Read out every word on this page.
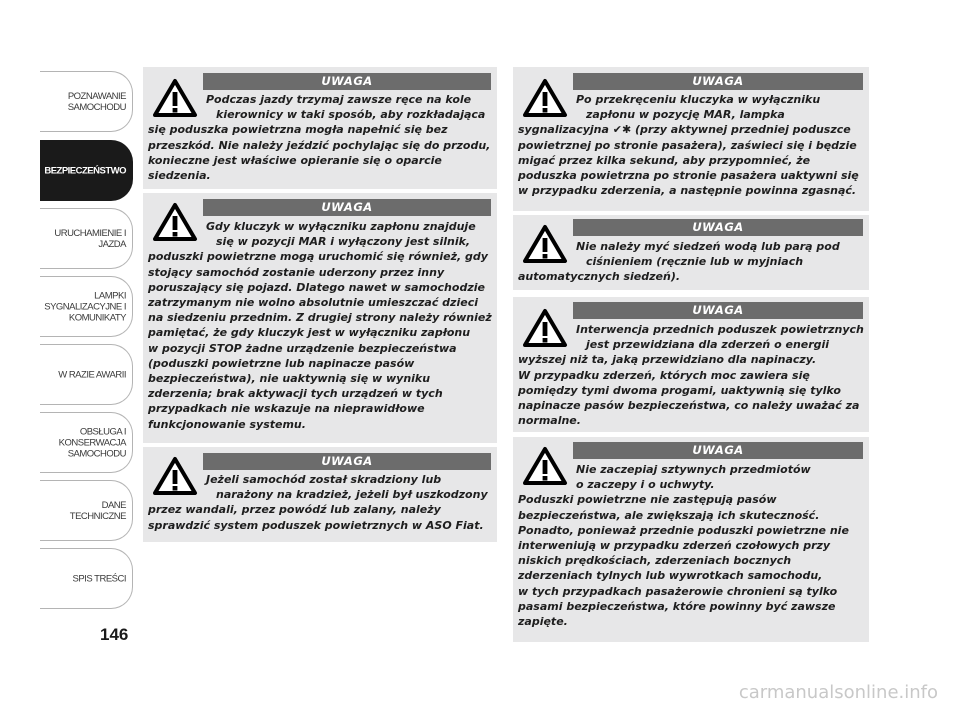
POZNAWANIE
SAMOCHODU
BEZPIECZEŃSTWO
URUCHAMIENIE I
JAZDA
LAMPKI
SYGNALIZACYJNE I
KOMUNIKATY
W RAZIE AWARII
OBSŁUGA I
KONSERWACJA
SAMOCHODU
DANE TECHNICZNE
SPIS TREŚCI
146
UWAGA
Podczas jazdy trzymaj zawsze ręce na kole
kierownicy w taki sposób, aby rozkładająca
się poduszka powietrzna mogła napełnić się bez
przeszkód. Nie należy jeździć pochylając się do przodu,
konieczne jest właściwe opieranie się o oparcie
siedzenia.
UWAGA
Gdy kluczyk w wyłączniku zapłonu znajduje
się w pozycji MAR i wyłączony jest silnik,
poduszki powietrzne mogą uruchomić się również, gdy
stojący samochód zostanie uderzony przez inny
poruszający się pojazd. Dlatego nawet w samochodzie
zatrzymanym nie wolno absolutnie umieszczać dzieci
na siedzeniu przednim. Z drugiej strony należy również
pamiętać, że gdy kluczyk jest w wyłączniku zapłonu
w pozycji STOP żadne urządzenie bezpieczeństwa
(poduszki powietrzne lub napinacze pasów
bezpieczeństwa), nie uaktywnią się w wyniku
zderzenia; brak aktywacji tych urządzeń w tych
przypadkach nie wskazuje na nieprawidłowe
funkcjonowanie systemu.
UWAGA
Jeżeli samochód został skradziony lub
narażony na kradzież, jeżeli był uszkodzony
przez wandali, przez powódź lub zalany, należy
sprawdzić system poduszek powietrznych w ASO Fiat.
UWAGA
Po przekręceniu kluczyka w wyłączniku
zapłonu w pozycję MAR, lampka
sygnalizacyjna ✔✱ (przy aktywnej przedniej poduszce
powietrznej po stronie pasażera), zaświeci się i będzie
migać przez kilka sekund, aby przypomnieć, że
poduszka powietrzna po stronie pasażera uaktywni się
w przypadku zderzenia, a następnie powinna zgasnąć.
UWAGA
Nie należy myć siedzeń wodą lub parą pod
ciśnieniem (ręcznie lub w myjniach
automatycznych siedzeń).
UWAGA
Interwencja przednich poduszek powietrznych
jest przewidziana dla zderzeń o energii
wyższej niż ta, jaką przewidziano dla napinaczy.
W przypadku zderzeń, których moc zawiera się
pomiędzy tymi dwoma progami, uaktywnią się tylko
napinacze pasów bezpieczeństwa, co należy uważać za
normalne.
UWAGA
Nie zaczepiaj sztywnych przedmiotów
o zaczepy i o uchwyty.
Poduszki powietrzne nie zastępują pasów
bezpieczeństwa, ale zwiększają ich skuteczność.
Ponadto, ponieważ przednie poduszki powietrzne nie
interweniują w przypadku zderzeń czołowych przy
niskich prędkościach, zderzeniach bocznych
zderzeniach tylnych lub wywrotkach samochodu,
w tych przypadkach pasażerowie chronieni są tylko
pasami bezpieczeństwa, które powinny być zawsze
zapięte.
carmanualsonline.info
